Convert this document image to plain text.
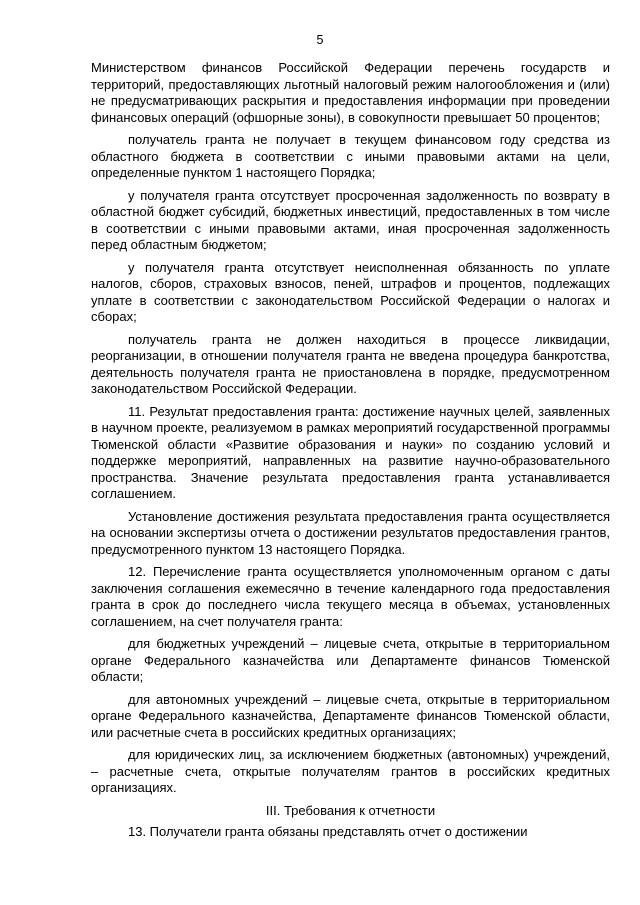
5

Министерством финансов Российской Федерации перечень государств и территорий, предоставляющих льготный налоговый режим налогообложения и (или) не предусматривающих раскрытия и предоставления информации при проведении финансовых операций (офшорные зоны), в совокупности превышает 50 процентов;

получатель гранта не получает в текущем финансовом году средства из областного бюджета в соответствии с иными правовыми актами на цели, определенные пунктом 1 настоящего Порядка;

у получателя гранта отсутствует просроченная задолженность по возврату в областной бюджет субсидий, бюджетных инвестиций, предоставленных в том числе в соответствии с иными правовыми актами, иная просроченная задолженность перед областным бюджетом;

у получателя гранта отсутствует неисполненная обязанность по уплате налогов, сборов, страховых взносов, пеней, штрафов и процентов, подлежащих уплате в соответствии с законодательством Российской Федерации о налогах и сборах;

получатель гранта не должен находиться в процессе ликвидации, реорганизации, в отношении получателя гранта не введена процедура банкротства, деятельность получателя гранта не приостановлена в порядке, предусмотренном законодательством Российской Федерации.

11. Результат предоставления гранта: достижение научных целей, заявленных в научном проекте, реализуемом в рамках мероприятий государственной программы Тюменской области «Развитие образования и науки» по созданию условий и поддержке мероприятий, направленных на развитие научно-образовательного пространства. Значение результата предоставления гранта устанавливается соглашением.

Установление достижения результата предоставления гранта осуществляется на основании экспертизы отчета о достижении результатов предоставления грантов, предусмотренного пунктом 13 настоящего Порядка.

12. Перечисление гранта осуществляется уполномоченным органом с даты заключения соглашения ежемесячно в течение календарного года предоставления гранта в срок до последнего числа текущего месяца в объемах, установленных соглашением, на счет получателя гранта:

для бюджетных учреждений – лицевые счета, открытые в территориальном органе Федерального казначейства или Департаменте финансов Тюменской области;

для автономных учреждений – лицевые счета, открытые в территориальном органе Федерального казначейства, Департаменте финансов Тюменской области, или расчетные счета в российских кредитных организациях;

для юридических лиц, за исключением бюджетных (автономных) учреждений, – расчетные счета, открытые получателям грантов в российских кредитных организациях.

III. Требования к отчетности

13. Получатели гранта обязаны представлять отчет о достижении
